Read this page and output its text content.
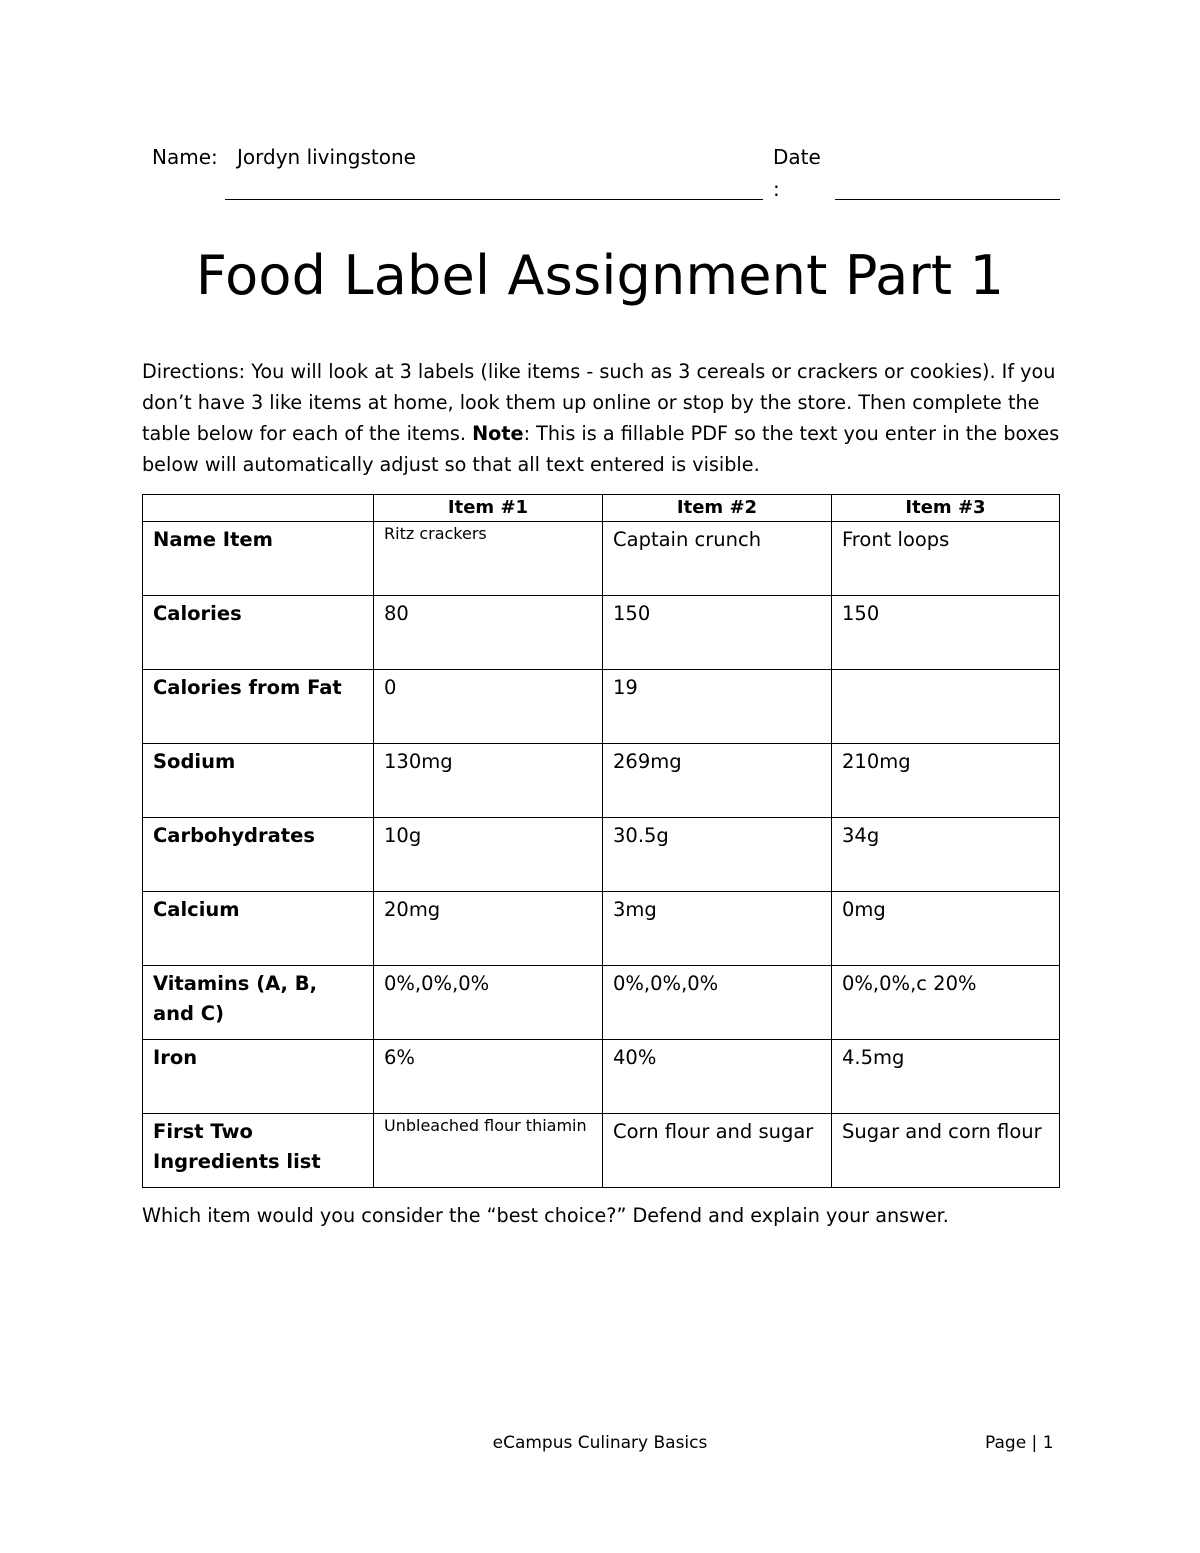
Name: Jordyn livingstone	Date
:
Food Label Assignment Part 1
Directions: You will look at 3 labels (like items - such as 3 cereals or crackers or cookies). If you don’t have 3 like items at home, look them up online or stop by the store. Then complete the table below for each of the items. Note: This is a fillable PDF so the text you enter in the boxes below will automatically adjust so that all text entered is visible.
	Item #1	Item #2	Item #3
Name Item	Ritz crackers	Captain crunch	Front loops
Calories	80	150	150
Calories from Fat	0	19	
Sodium	130mg	269mg	210mg
Carbohydrates	10g	30.5g	34g
Calcium	20mg	3mg	0mg
Vitamins (A, B, and C)	0%,0%,0%	0%,0%,0%	0%,0%,c 20%
Iron	6%	40%	4.5mg
First Two Ingredients list	Unbleached flour thiamin	Corn flour and sugar	Sugar and corn flour
Which item would you consider the “best choice?” Defend and explain your answer.
eCampus Culinary Basics	Page | 1
